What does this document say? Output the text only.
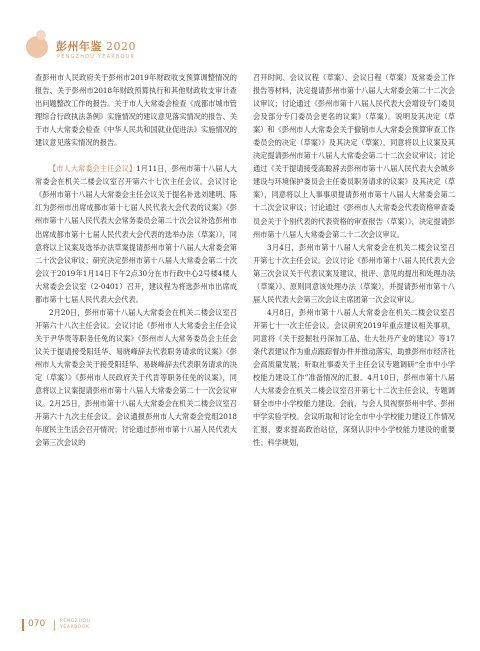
彭州年鉴 2020
PENGZHOU YEARBOOK

查彭州市人民政府关于彭州市2019年财政收支预算调整情况的报告、关于彭州市2018年财政预算执行和其他财政收支审计查出问题整改工作的报告。关于市人大常委会检查《成都市城市管理综合行政执法条例》实施情况的建议意见落实情况的报告、关于市人大常委会检查《中华人民共和国就业促进法》实施情况的建议意见落实情况的报告。

【市人大常委会主任会议】1月11日，彭州市第十八届人大常委会在机关二楼会议室召开第六十七次主任会议。会议讨论《彭州市第十八届人大常委会主任会议关于提名补选刘建明、陈红为彭州市出席成都市第十七届人民代表大会代表的议案》《彭州市第十八届人民代表大会常务委员会第二十次会议补选彭州市出席成都市第十七届人民代表大会代表的选举办法（草案）》，同意将以上议案及选举办法草案提请彭州市第十八届人大常委会第二十次会议审议；研究决定彭州市第十八届人大常委会第二十次会议于2019年1月14日下午2点30分在市行政中心2号楼4楼人大常委会会议室（2-0401）召开，建议程为将选彭州市出席成都市第十七届人民代表大会代表。

2月20日，彭州市第十八届人大常委会在机关二楼会议室召开第六十八次主任会议。会议讨论《彭州市人大常委会主任会议关于尹华贵等职务任免的议案》《彭州市人大常务委员会主任会议关于提请接受阳廷华、易晓峰辞去代表职务请求的议案》《彭州市人大常委会关于接受阳廷华、易晓峰辞去代表职务请求的决定（草案）》《彭州市人民政府关于代肯等职务任免的议案》，同意将以上议案提请彭州市第十八届人大常委会第二十一次会议审议。2月25日，彭州市第十八届人大常委会在机关二楼会议室召开第六十九次主任会议。会议通报彭州市人大常委会党组2018年度民主生活会召开情况；讨论通过彭州市第十八届人民代表大会第三次会议的

召开时间、会议议程（草案）、会议日程（草案）及常委会工作报告等材料，决定提请彭州市第十八届人大常委会第二十二次会议审议；讨论通过《彭州市第十八届人民代表大会增设专门委员会及部分专门委员会更名的议案》（草案）。说明及其决定（草案）和《彭州市人大常委会关于撤销市人大常委会预算审查工作委员会的决定（草案）》及其决定（草案），同意将以上议案及其决定提请彭州市第十八届人大常委会第二十二次会议审议；讨论通过《关于提请接受高聪辞去彭州市第十八届人民代表大会城乡建设与环境保护委员会主任委员职务请求的议案》及其决定（草案），同意将以上人事事项提请彭州市第十八届人大常委会第二十二次会议审议；讨论通过《彭州市人大常委会代表资格审查委员会关于个别代表的代表资格的审查报告（草案）》，决定提请彭州市第十八届人大常委会第二十二次会议审议。

3月4日，彭州市第十八届人大常委会在机关二楼会议室召开第七十次主任会议。会议讨论《彭州市第十八届人民代表大会第三次会议关于代表议案及建议、批评、意见的提出和处理办法（草案）》、原则同意该处理办法（草案），并提请彭州市第十八届人民代表大会第三次会议主席团第一次会议审议。

4月8日，彭州市第十八届人大常委会在机关二楼会议室召开第七十一次主任会议。会议研究2019年重点建议相关事项，同意将《关于挖掘牡丹深加工品、壮大牡丹产业的建议》等17条代表建议作为重点跟踪督办件并推动落实，助推彭州市经济社会高质量发展；听取社事委关于主任会议专题调研“全市中小学校能力建设工作”准备情况的汇报。4月10日，彭州市第十八届人大常委会在机关二楼会议室召开第七十二次主任会议，专题调研全市中小学校能力建设。会前，与会人员视察彭州中学、彭州中学实验学校。会议听取和讨论全市中小学校能力建设工作情况汇报，要求提高政治站位，深刻认识中小学校能力建设的重要性；科学规划，

070	PENGZHOU
YEARBOOK
